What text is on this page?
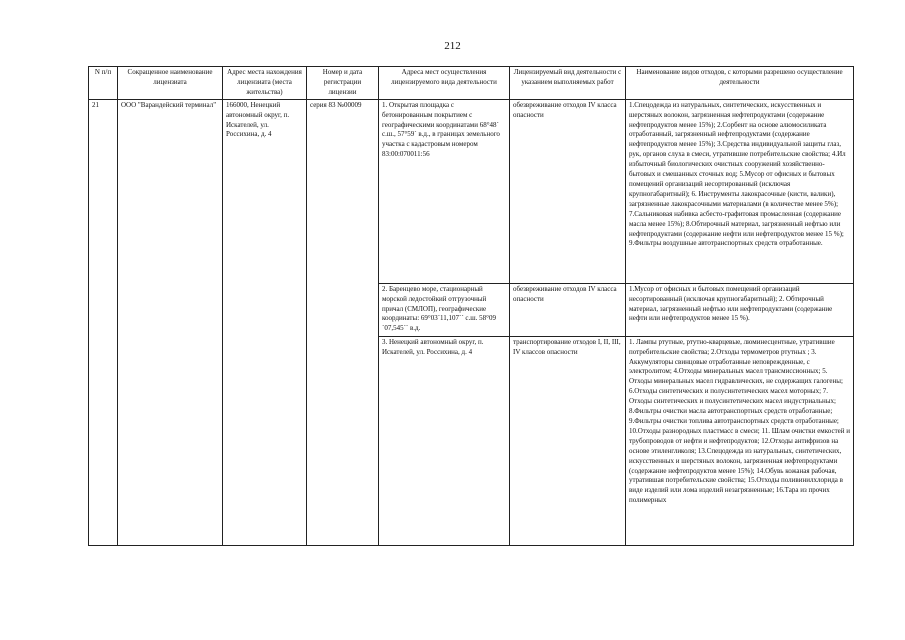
212
N п/п	Сокращенное наименование лицензиата	Адрес места нахождения лицензиата (места жительства)	Номер и дата регистрации лицензии	Адреса мест осуществления лицензируемого вида деятельности	Лицензируемый вид деятельности с указанием выполняемых работ	Наименование видов отходов, с которыми разрешено осуществление деятельности
21	ООО "Варандейский терминал"	166000, Ненецкий автономный округ, п. Искателей, ул. Россихина, д. 4	серия 83 №00009	1. Открытая площадка с бетонированным покрытием с географическими координатами 68°48´ с.ш., 57°59´ в.д., в границах земельного участка с кадастровым номером 83:00:070011:56	обезвреживание отходов IV класса опасности	1.Спецодежда из натуральных, синтетических, искусственных и шерстяных волокон, загрязненная нефтепродуктами (содержание нефтепродуктов менее 15%); 2.Сорбент на основе алюмосиликата отработанный, загрязненный нефтепродуктами (содержание нефтепродуктов менее 15%); 3.Средства индивидуальной защиты глаз, рук, органов слуха в смеси, утратившие потребительские свойства; 4.Ил избыточный биологических очистных сооружений хозяйственно-бытовых и смешанных сточных вод; 5.Мусор от офисных и бытовых помещений организаций несортированный (исключая крупногабаритный); 6. Инструменты лакокрасочные (кисти, валики), загрязненные лакокрасочными материалами (в количестве менее 5%); 7.Сальниковая набивка асбесто-графитовая промасленная (содержание масла менее 15%); 8.Обтирочный материал, загрязненный нефтью или нефтепродуктами (содержание нефти или нефтепродуктов менее 15 %); 9.Фильтры воздушные автотранспортных средств отработанные.

				2. Баренцево море, стационарный морской ледостойкий отгрузочный причал (СМЛОП), географические координаты: 69°03´11,107´´ с.ш. 58°09´07,545´´ в.д.	обезвреживание отходов IV класса опасности	1.Мусор от офисных и бытовых помещений организаций несортированный (исключая крупногабаритный); 2. Обтирочный материал, загрязненный нефтью или нефтепродуктами (содержание нефти или нефтепродуктов менее 15 %).

				3. Ненецкий автономный округ, п. Искателей, ул. Россихина, д. 4	транспортирование отходов I, II, III, IV классов опасности	1. Лампы ртутные, ртутно-кварцевые, люминесцентные, утратившие потребительские свойства; 2.Отходы термометров ртутных ; 3. Аккумуляторы свинцовые отработанные неповрежденные, с электролитом; 4.Отходы минеральных масел трансмиссионных; 5. Отходы минеральных масел гидравлических, не содержащих галогены; 6.Отходы синтетических и полусинтетических масел моторных; 7. Отходы синтетических и полусинтетических масел индустриальных; 8.Фильтры очистки масла автотранспортных средств отработанные; 9.Фильтры очистки топлива автотранспортных средств отработанные; 10.Отходы разнородных пластмасс в смеси; 11. Шлам очистки емкостей и трубопроводов от нефти и нефтепродуктов; 12.Отходы антифризов на основе этиленгликоля; 13.Спецодежда из натуральных, синтетических, искусственных и шерстяных волокон, загрязненная нефтепродуктами (содержание нефтепродуктов менее 15%); 14.Обувь кожаная рабочая, утратившая потребительские свойства; 15.Отходы поливинилхлорида в виде изделий или лома изделий незагрязненные; 16.Тара из прочих полимерных
